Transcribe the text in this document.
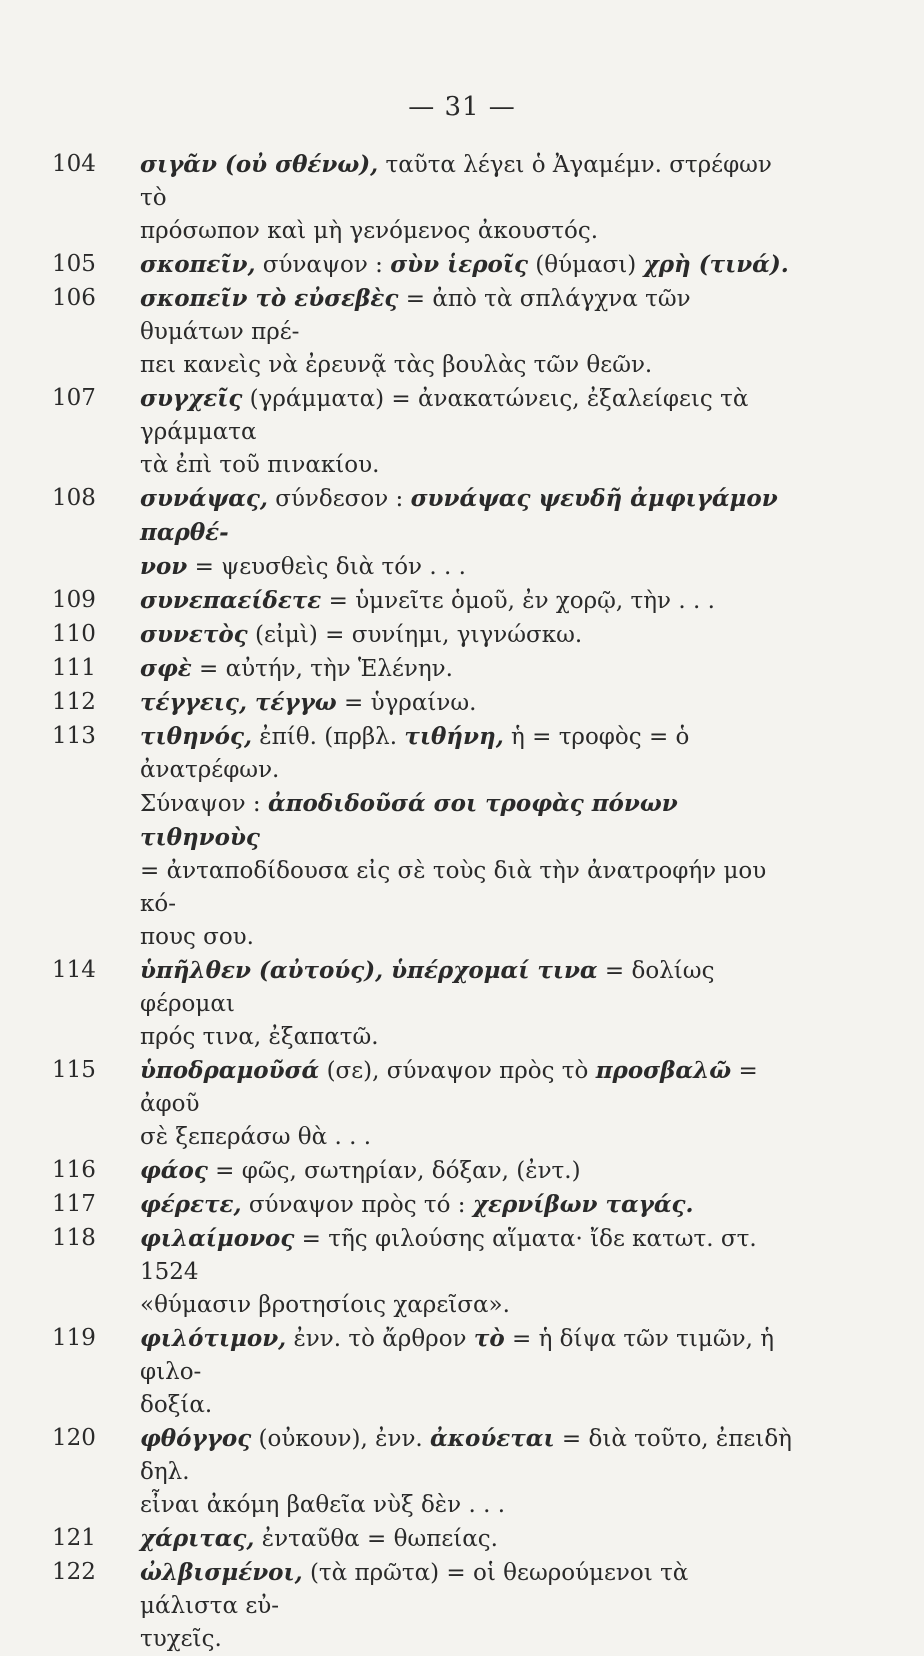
— 31 —
104	σιγᾶν (οὐ σθένω), ταῦτα λέγει ὁ Ἀγαμέμν. στρέφων τὸ
πρόσωπον καὶ μὴ γενόμενος ἀκουστός.
105	σκοπεῖν, σύναψον : σὺν ἱεροῖς (θύμασι) χρὴ (τινά).
106	σκοπεῖν τὸ εὐσεβὲς = ἀπὸ τὰ σπλάγχνα τῶν θυμάτων πρέ-
πει κανεὶς νὰ ἐρευνᾷ τὰς βουλὰς τῶν θεῶν.
107	συγχεῖς (γράμματα) = ἀνακατώνεις, ἐξαλείφεις τὰ γράμματα
τὰ ἐπὶ τοῦ πινακίου.
108	συνάψας, σύνδεσον : συνάψας ψευδῆ ἀμφιγάμον παρθέ-
νον = ψευσθεὶς διὰ τόν . . .
109	συνεπαείδετε = ὑμνεῖτε ὁμοῦ, ἐν χορῷ, τὴν . . .
110	συνετὸς (εἰμὶ) = συνίημι, γιγνώσκω.
111	σφὲ = αὐτήν, τὴν Ἑλένην.
112	τέγγεις, τέγγω = ὑγραίνω.
113	τιθηνός, ἐπίθ. (πρβλ. τιθήνη, ἡ = τροφὸς = ὁ ἀνατρέφων.
Σύναψον : ἀποδιδοῦσά σοι τροφὰς πόνων τιθηνοὺς
= ἀνταποδίδουσα εἰς σὲ τοὺς διὰ τὴν ἀνατροφήν μου κό-
πους σου.
114	ὑπῆλθεν (αὐτούς), ὑπέρχομαί τινα = δολίως φέρομαι
πρός τινα, ἐξαπατῶ.
115	ὑποδραμοῦσά (σε), σύναψον πρὸς τὸ προσβαλῶ = ἀφοῦ
σὲ ξεπεράσω θὰ . . .
116	φάος = φῶς, σωτηρίαν, δόξαν, (ἐντ.)
117	φέρετε, σύναψον πρὸς τό : χερνίβων ταγάς.
118	φιλαίμονος = τῆς φιλούσης αἵματα· ἴδε κατωτ. στ. 1524
«θύμασιν βροτησίοις χαρεῖσα».
119	φιλότιμον, ἐνν. τὸ ἄρθρον τὸ = ἡ δίψα τῶν τιμῶν, ἡ φιλο-
δοξία.
120	φθόγγος (οὐκουν), ἐνν. ἀκούεται = διὰ τοῦτο, ἐπειδὴ δηλ.
εἶναι ἀκόμη βαθεῖα νὺξ δὲν . . .
121	χάριτας, ἐνταῦθα = θωπείας.
122	ὠλβισμένοι, (τὰ πρῶτα) = οἱ θεωρούμενοι τὰ μάλιστα εὐ-
τυχεῖς.
